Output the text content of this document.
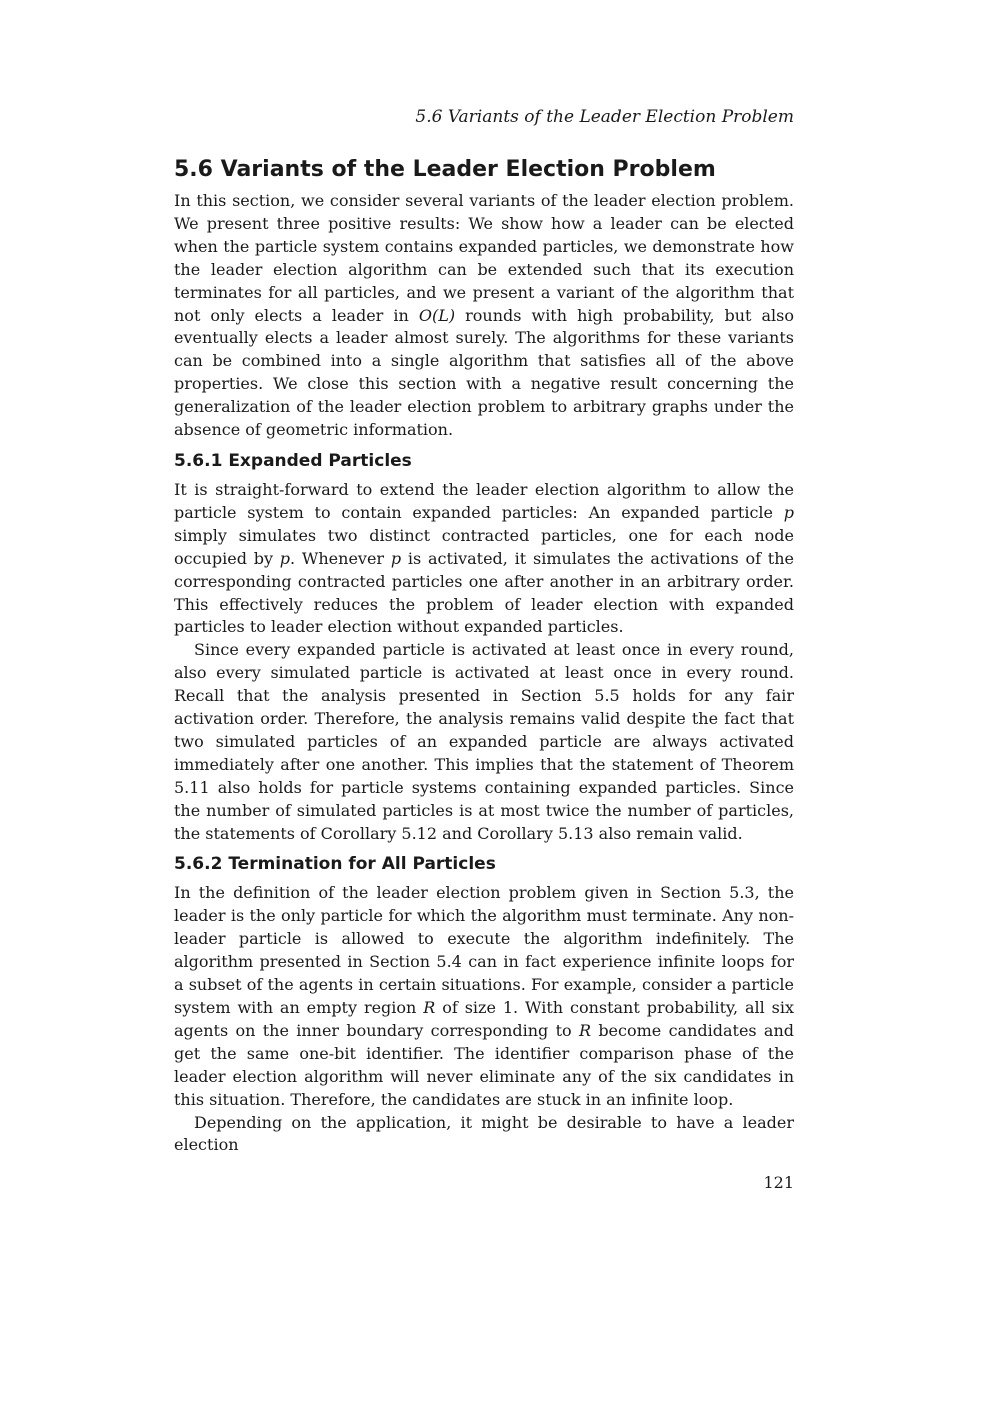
5.6 Variants of the Leader Election Problem
5.6 Variants of the Leader Election Problem

In this section, we consider several variants of the leader election problem. We present three positive results: We show how a leader can be elected when the particle system contains expanded particles, we demonstrate how the leader election algorithm can be extended such that its execution terminates for all particles, and we present a variant of the algorithm that not only elects a leader in O(L) rounds with high probability, but also eventually elects a leader almost surely. The algorithms for these variants can be combined into a single algorithm that satisfies all of the above properties. We close this section with a negative result concerning the generalization of the leader election problem to arbitrary graphs under the absence of geometric information.

5.6.1 Expanded Particles

It is straight-forward to extend the leader election algorithm to allow the particle system to contain expanded particles: An expanded particle p simply simulates two distinct contracted particles, one for each node occupied by p. Whenever p is activated, it simulates the activations of the corresponding contracted particles one after another in an arbitrary order. This effectively reduces the problem of leader election with expanded particles to leader election without expanded particles.

Since every expanded particle is activated at least once in every round, also every simulated particle is activated at least once in every round. Recall that the analysis presented in Section 5.5 holds for any fair activation order. Therefore, the analysis remains valid despite the fact that two simulated particles of an expanded particle are always activated immediately after one another. This implies that the statement of Theorem 5.11 also holds for particle systems containing expanded particles. Since the number of simulated particles is at most twice the number of particles, the statements of Corollary 5.12 and Corollary 5.13 also remain valid.

5.6.2 Termination for All Particles

In the definition of the leader election problem given in Section 5.3, the leader is the only particle for which the algorithm must terminate. Any non-leader particle is allowed to execute the algorithm indefinitely. The algorithm presented in Section 5.4 can in fact experience infinite loops for a subset of the agents in certain situations. For example, consider a particle system with an empty region R of size 1. With constant probability, all six agents on the inner boundary corresponding to R become candidates and get the same one-bit identifier. The identifier comparison phase of the leader election algorithm will never eliminate any of the six candidates in this situation. Therefore, the candidates are stuck in an infinite loop.

Depending on the application, it might be desirable to have a leader election

121
